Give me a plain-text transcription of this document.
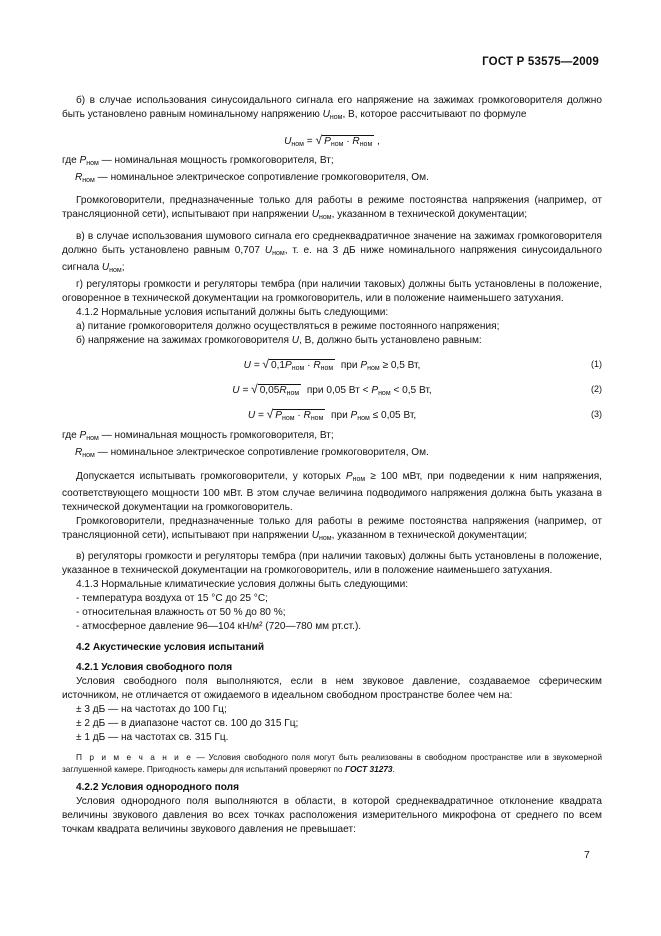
ГОСТ Р 53575—2009

б) в случае использования синусоидального сигнала его напряжение на зажимах громкоговорителя должно быть установлено равным номинальному напряжению $U_{ном}$, В, которое рассчитывают по формуле

$U_{ном}$ = √ $P_{ном} \cdot R_{ном}$ ,

где $P_{ном}$ — номинальная мощность громкоговорителя, Вт;

$R_{ном}$ — номинальное электрическое сопротивление громкоговорителя, Ом.

Громкоговорители, предназначенные только для работы в режиме постоянства напряжения (например, от трансляционной сети), испытывают при напряжении $U_{ном}$, указанном в технической документации;

в) в случае использования шумового сигнала его среднеквадратичное значение на зажимах громкоговорителя должно быть установлено равным 0,707 $U_{ном}$, т. е. на 3 дБ ниже номинального напряжения синусоидального сигнала $U_{ном}$;

г) регуляторы громкости и регуляторы тембра (при наличии таковых) должны быть установлены в положение, оговоренное в технической документации на громкоговоритель, или в положение наименьшего затухания.

4.1.2 Нормальные условия испытаний должны быть следующими:

а) питание громкоговорителя должно осуществляться в режиме постоянного напряжения;

б) напряжение на зажимах громкоговорителя U, В, должно быть установлено равным:

U = √ $0,1P_{ном} \cdot R_{ном}$ при $P_{ном} \ge 0,5$ Вт,	(1)
U = √ $0,05R_{ном}$ при 0,05 Вт < $P_{ном} < 0,5$ Вт,	(2)
U = √ $P_{ном} \cdot R_{ном}$ при $P_{ном} \le 0,05$ Вт,	(3)

где $P_{ном}$ — номинальная мощность громкоговорителя, Вт;

$R_{ном}$ — номинальное электрическое сопротивление громкоговорителя, Ом.

Допускается испытывать громкоговорители, у которых $P_{ном} \ge 100$ мВт, при подведении к ним напряжения, соответствующего мощности 100 мВт. В этом случае величина подводимого напряжения должна быть указана в технической документации на громкоговоритель.

Громкоговорители, предназначенные только для работы в режиме постоянства напряжения (например, от трансляционной сети), испытывают при напряжении $U_{ном}$, указанном в технической документации;

в) регуляторы громкости и регуляторы тембра (при наличии таковых) должны быть установлены в положение, указанное в технической документации на громкоговоритель, или в положение наименьшего затухания.

4.1.3 Нормальные климатические условия должны быть следующими:

- температура воздуха от 15 °С до 25 °С;

- относительная влажность от 50 % до 80 %;

- атмосферное давление 96—104 кН/м² (720—780 мм рт.ст.).

4.2 Акустические условия испытаний

4.2.1 Условия свободного поля

Условия свободного поля выполняются, если в нем звуковое давление, создаваемое сферическим источником, не отличается от ожидаемого в идеальном свободном пространстве более чем на:

± 3 дБ — на частотах до 100 Гц;

± 2 дБ — в диапазоне частот св. 100 до 315 Гц;

± 1 дБ — на частотах св. 315 Гц.

П р и м е ч а н и е — Условия свободного поля могут быть реализованы в свободном пространстве или в звукомерной заглушенной камере. Пригодность камеры для испытаний проверяют по ГОСТ 31273.

4.2.2 Условия однородного поля

Условия однородного поля выполняются в области, в которой среднеквадратичное отклонение квадрата величины звукового давления во всех точках расположения измерительного микрофона от среднего по всем точкам квадрата величины звукового давления не превышает:

7
